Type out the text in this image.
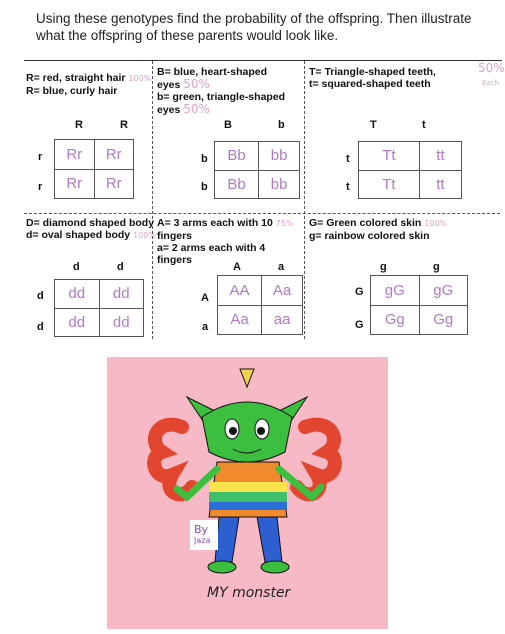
Using these genotypes find the probability of the offspring. Then illustrate what the offspring of these parents would look like.
R= red, straight hair 100%
R= blue, curly hair
R	R
r
r
Rr	Rr
Rr	Rr
B= blue, heart-shaped
eyes 50%
b= green, triangle-shaped
eyes 50%
B	b
b
b
Bb	bb
Bb	bb
T= Triangle-shaped teeth,
t= squared-shaped teeth
50%
Each
T	t
t
t
Tt	tt
Tt	tt
D= diamond shaped body
d= oval shaped body 100%
d	d
d
d
dd	dd
dd	dd
A= 3 arms each with 10 75%
fingers
a= 2 arms each with 4
fingers
A	a
A
a
AA	Aa
Aa	aa
G= Green colored skin 100%
g= rainbow colored skin
g	g
G
G
gG	gG
Gg	Gg
By
Jaza
MY monster
